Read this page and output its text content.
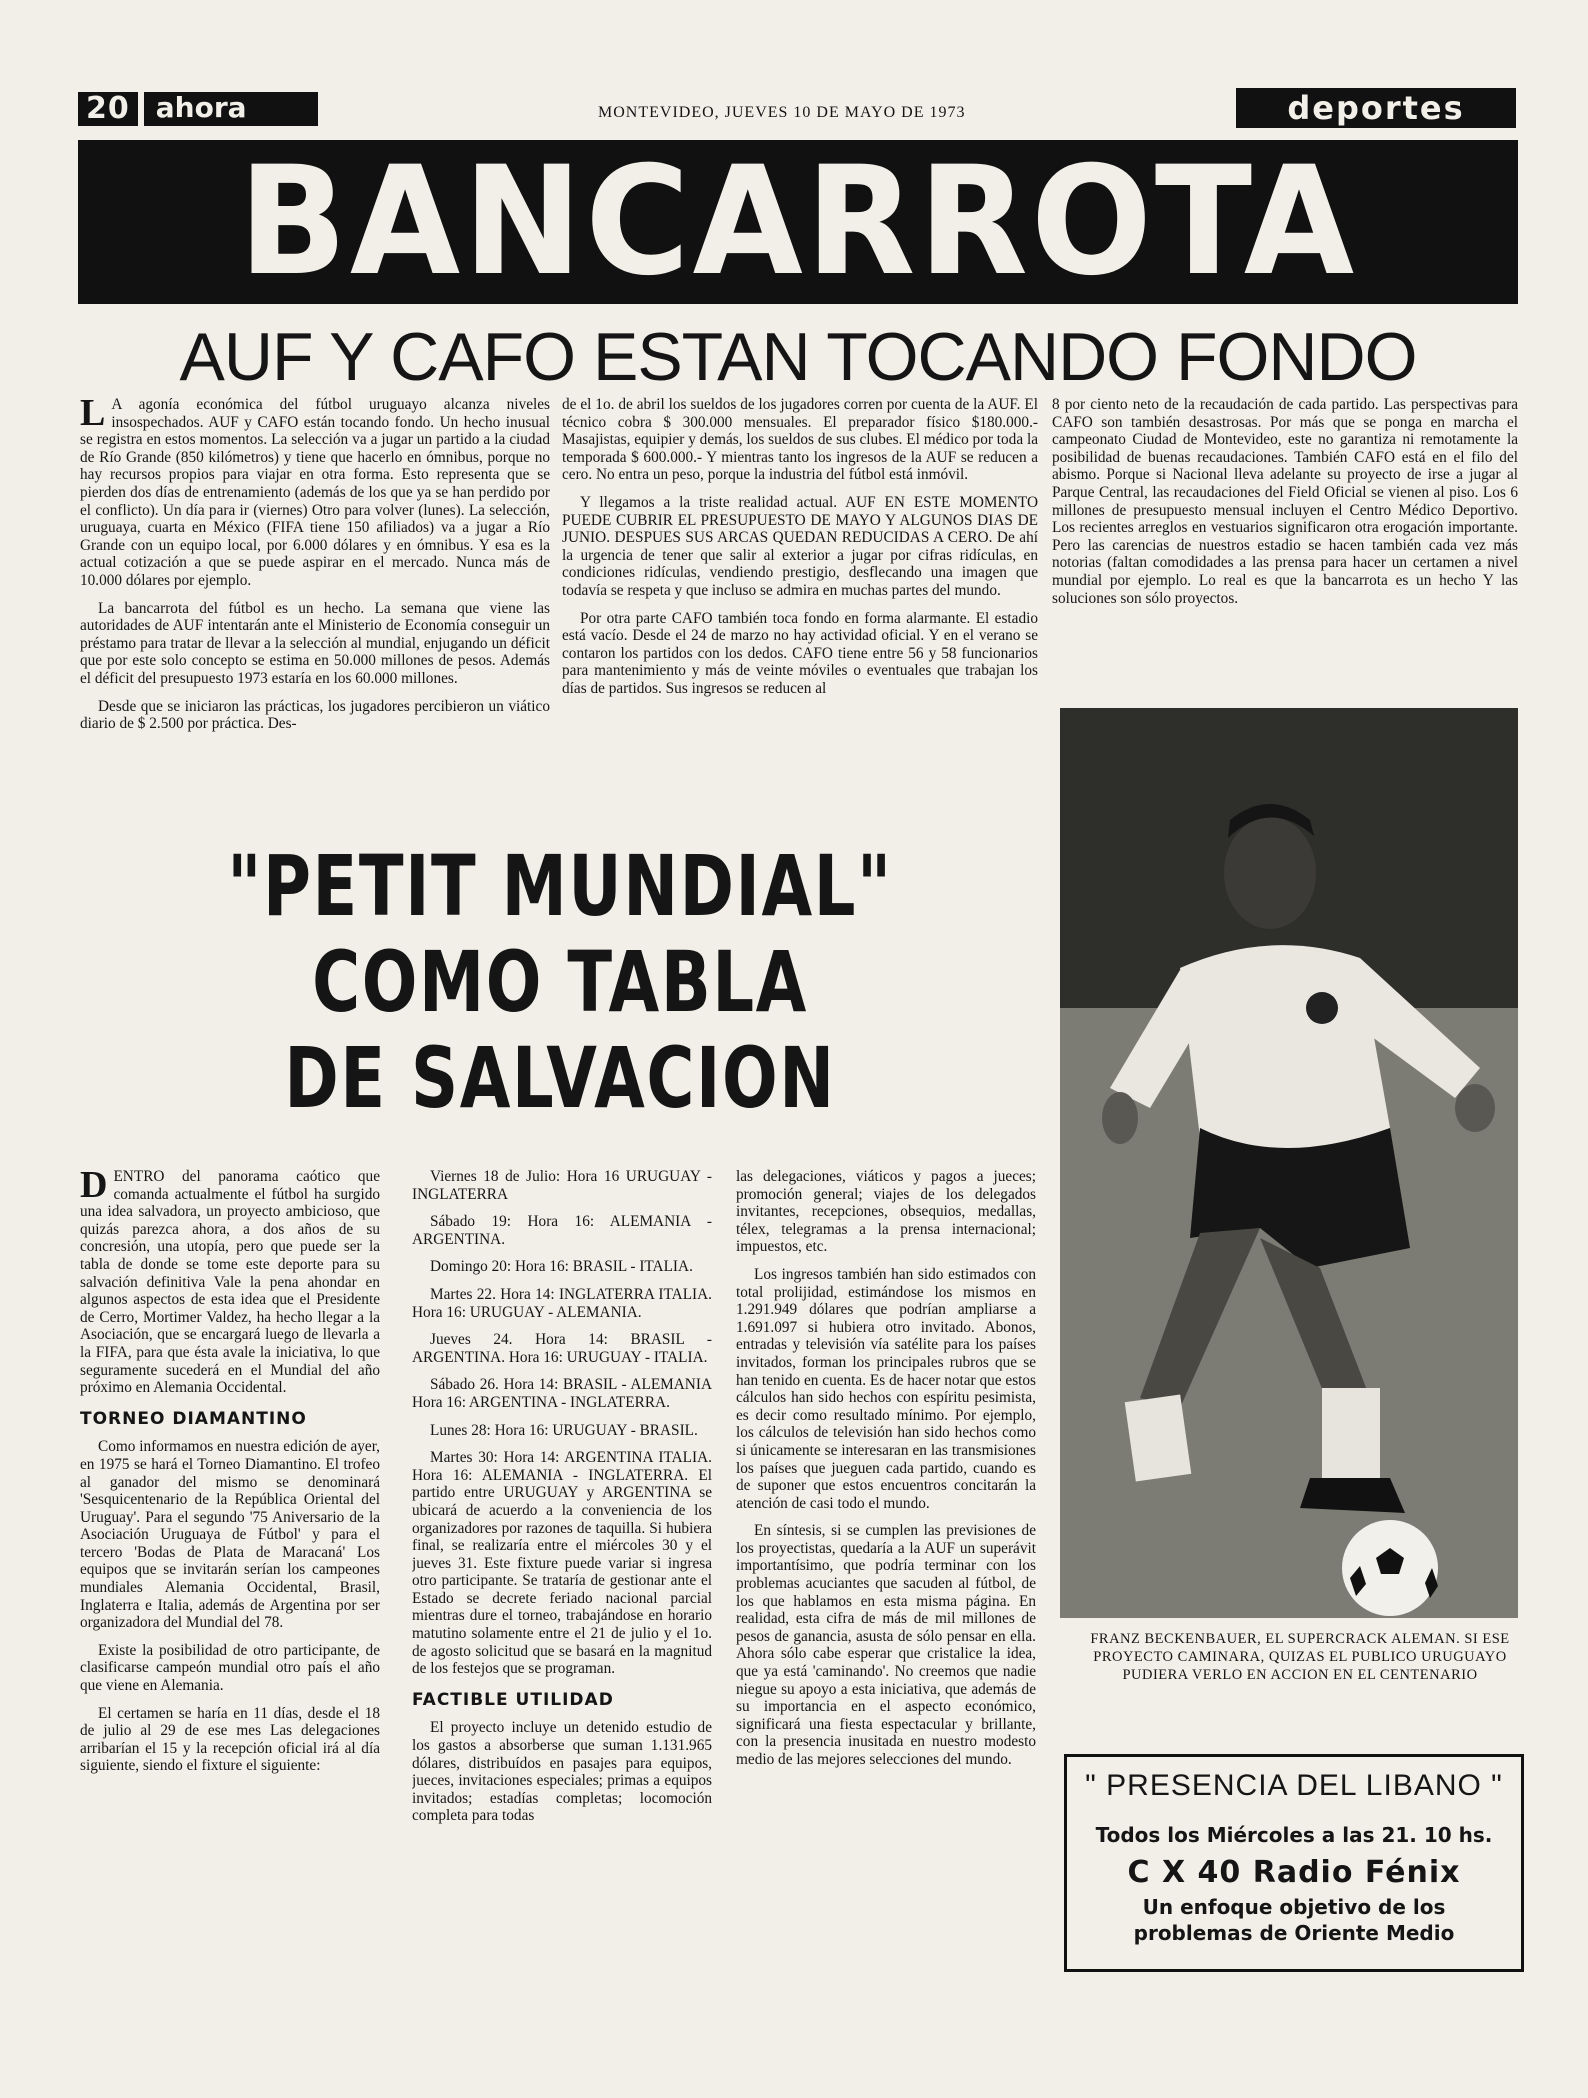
20 ahora	MONTEVIDEO, JUEVES 10 DE MAYO DE 1973	deportes
BANCARROTA
AUF Y CAFO ESTAN TOCANDO FONDO

L A agonía económica del fútbol uruguayo alcanza niveles insospechados. AUF y CAFO están tocando fondo. Un hecho inusual se registra en estos momentos. La selección va a jugar un partido a la ciudad de Río Grande (850 kilómetros) y tiene que hacerlo en ómnibus, porque no hay recursos propios para viajar en otra forma. Esto representa que se pierden dos días de entrenamiento (además de los que ya se han perdido por el conflicto). Un día para ir (viernes) Otro para volver (lunes). La selección, uruguaya, cuarta en México (FIFA tiene 150 afiliados) va a jugar a Río Grande con un equipo local, por 6.000 dólares y en ómnibus. Y esa es la actual cotización a que se puede aspirar en el mercado. Nunca más de 10.000 dólares por ejemplo.

La bancarrota del fútbol es un hecho. La semana que viene las autoridades de AUF intentarán ante el Ministerio de Economía conseguir un préstamo para tratar de llevar a la selección al mundial, enjugando un déficit que por este solo concepto se estima en 50.000 millones de pesos. Además el déficit del presupuesto 1973 estaría en los 60.000 millones.

Desde que se iniciaron las prácticas, los jugadores percibieron un viático diario de $ 2.500 por práctica. Des-

de el 1o. de abril los sueldos de los jugadores corren por cuenta de la AUF. El técnico cobra $ 300.000 mensuales. El preparador físico $180.000.- Masajistas, equipier y demás, los sueldos de sus clubes. El médico por toda la temporada $ 600.000.- Y mientras tanto los ingresos de la AUF se reducen a cero. No entra un peso, porque la industria del fútbol está inmóvil.

Y llegamos a la triste realidad actual. AUF EN ESTE MOMENTO PUEDE CUBRIR EL PRESUPUESTO DE MAYO Y ALGUNOS DIAS DE JUNIO. DESPUES SUS ARCAS QUEDAN REDUCIDAS A CERO. De ahí la urgencia de tener que salir al exterior a jugar por cifras ridículas, en condiciones ridículas, vendiendo prestigio, desflecando una imagen que todavía se respeta y que incluso se admira en muchas partes del mundo.

Por otra parte CAFO también toca fondo en forma alarmante. El estadio está vacío. Desde el 24 de marzo no hay actividad oficial. Y en el verano se contaron los partidos con los dedos. CAFO tiene entre 56 y 58 funcionarios para mantenimiento y más de veinte móviles o eventuales que trabajan los días de partidos. Sus ingresos se reducen al

8 por ciento neto de la recaudación de cada partido. Las perspectivas para CAFO son también desastrosas. Por más que se ponga en marcha el campeonato Ciudad de Montevideo, este no garantiza ni remotamente la posibilidad de buenas recaudaciones. También CAFO está en el filo del abismo. Porque si Nacional lleva adelante su proyecto de irse a jugar al Parque Central, las recaudaciones del Field Oficial se vienen al piso. Los 6 millones de presupuesto mensual incluyen el Centro Médico Deportivo. Los recientes arreglos en vestuarios significaron otra erogación importante. Pero las carencias de nuestros estadio se hacen también cada vez más notorias (faltan comodidades a las prensa para hacer un certamen a nivel mundial por ejemplo. Lo real es que la bancarrota es un hecho Y las soluciones son sólo proyectos.

"PETIT MUNDIAL"
COMO TABLA
DE SALVACION

DENTRO del panorama caótico que comanda actualmente el fútbol ha surgido una idea salvadora, un proyecto ambicioso, que quizás parezca ahora, a dos años de su concresión, una utopía, pero que puede ser la tabla de donde se tome este deporte para su salvación definitiva Vale la pena ahondar en algunos aspectos de esta idea que el Presidente de Cerro, Mortimer Valdez, ha hecho llegar a la Asociación, que se encargará luego de llevarla a la FIFA, para que ésta avale la iniciativa, lo que seguramente sucederá en el Mundial del año próximo en Alemania Occidental.

TORNEO DIAMANTINO

Como informamos en nuestra edición de ayer, en 1975 se hará el Torneo Diamantino. El trofeo al ganador del mismo se denominará 'Sesquicentenario de la República Oriental del Uruguay'. Para el segundo '75 Aniversario de la Asociación Uruguaya de Fútbol' y para el tercero 'Bodas de Plata de Maracaná' Los equipos que se invitarán serían los campeones mundiales Alemania Occidental, Brasil, Inglaterra e Italia, además de Argentina por ser organizadora del Mundial del 78.

Existe la posibilidad de otro participante, de clasificarse campeón mundial otro país el año que viene en Alemania.

El certamen se haría en 11 días, desde el 18 de julio al 29 de ese mes Las delegaciones arribarían el 15 y la recepción oficial irá al día siguiente, siendo el fixture el siguiente:

Viernes 18 de Julio: Hora 16 URUGUAY - INGLATERRA

Sábado 19: Hora 16: ALEMANIA - ARGENTINA.

Domingo 20: Hora 16: BRASIL - ITALIA.

Martes 22. Hora 14: INGLATERRA ITALIA. Hora 16: URUGUAY - ALEMANIA.

Jueves 24. Hora 14: BRASIL - ARGENTINA. Hora 16: URUGUAY - ITALIA.

Sábado 26. Hora 14: BRASIL - ALEMANIA Hora 16: ARGENTINA - INGLATERRA.

Lunes 28: Hora 16: URUGUAY - BRASIL.

Martes 30: Hora 14: ARGENTINA ITALIA. Hora 16: ALEMANIA - INGLATERRA. El partido entre URUGUAY y ARGENTINA se ubicará de acuerdo a la conveniencia de los organizadores por razones de taquilla. Si hubiera final, se realizaría entre el miércoles 30 y el jueves 31. Este fixture puede variar si ingresa otro participante. Se trataría de gestionar ante el Estado se decrete feriado nacional parcial mientras dure el torneo, trabajándose en horario matutino solamente entre el 21 de julio y el 1o. de agosto solicitud que se basará en la magnitud de los festejos que se programan.

FACTIBLE UTILIDAD

El proyecto incluye un detenido estudio de los gastos a absorberse que suman 1.131.965 dólares, distribuídos en pasajes para equipos, jueces, invitaciones especiales; primas a equipos invitados; estadías completas; locomoción completa para todas

las delegaciones, viáticos y pagos a jueces; promoción general; viajes de los delegados invitantes, recepciones, obsequios, medallas, télex, telegramas a la prensa internacional; impuestos, etc.

Los ingresos también han sido estimados con total prolijidad, estimándose los mismos en 1.291.949 dólares que podrían ampliarse a 1.691.097 si hubiera otro invitado. Abonos, entradas y televisión vía satélite para los países invitados, forman los principales rubros que se han tenido en cuenta. Es de hacer notar que estos cálculos han sido hechos con espíritu pesimista, es decir como resultado mínimo. Por ejemplo, los cálculos de televisión han sido hechos como si únicamente se interesaran en las transmisiones los países que jueguen cada partido, cuando es de suponer que estos encuentros concitarán la atención de casi todo el mundo.

En síntesis, si se cumplen las previsiones de los proyectistas, quedaría a la AUF un superávit importantísimo, que podría terminar con los problemas acuciantes que sacuden al fútbol, de los que hablamos en esta misma página. En realidad, esta cifra de más de mil millones de pesos de ganancia, asusta de sólo pensar en ella. Ahora sólo cabe esperar que cristalice la idea, que ya está 'caminando'. No creemos que nadie niegue su apoyo a esta iniciativa, que además de su importancia en el aspecto económico, significará una fiesta espectacular y brillante, con la presencia inusitada en nuestro modesto medio de las mejores selecciones del mundo.

FRANZ BECKENBAUER, EL SUPERCRACK ALEMAN. SI ESE PROYECTO CAMINARA, QUIZAS EL PUBLICO URUGUAYO PUDIERA VERLO EN ACCION EN EL CENTENARIO
" PRESENCIA DEL LIBANO "
Todos los Miércoles a las 21. 10 hs.
C X 40 Radio Fénix
Un enfoque objetivo de los
problemas de Oriente Medio
